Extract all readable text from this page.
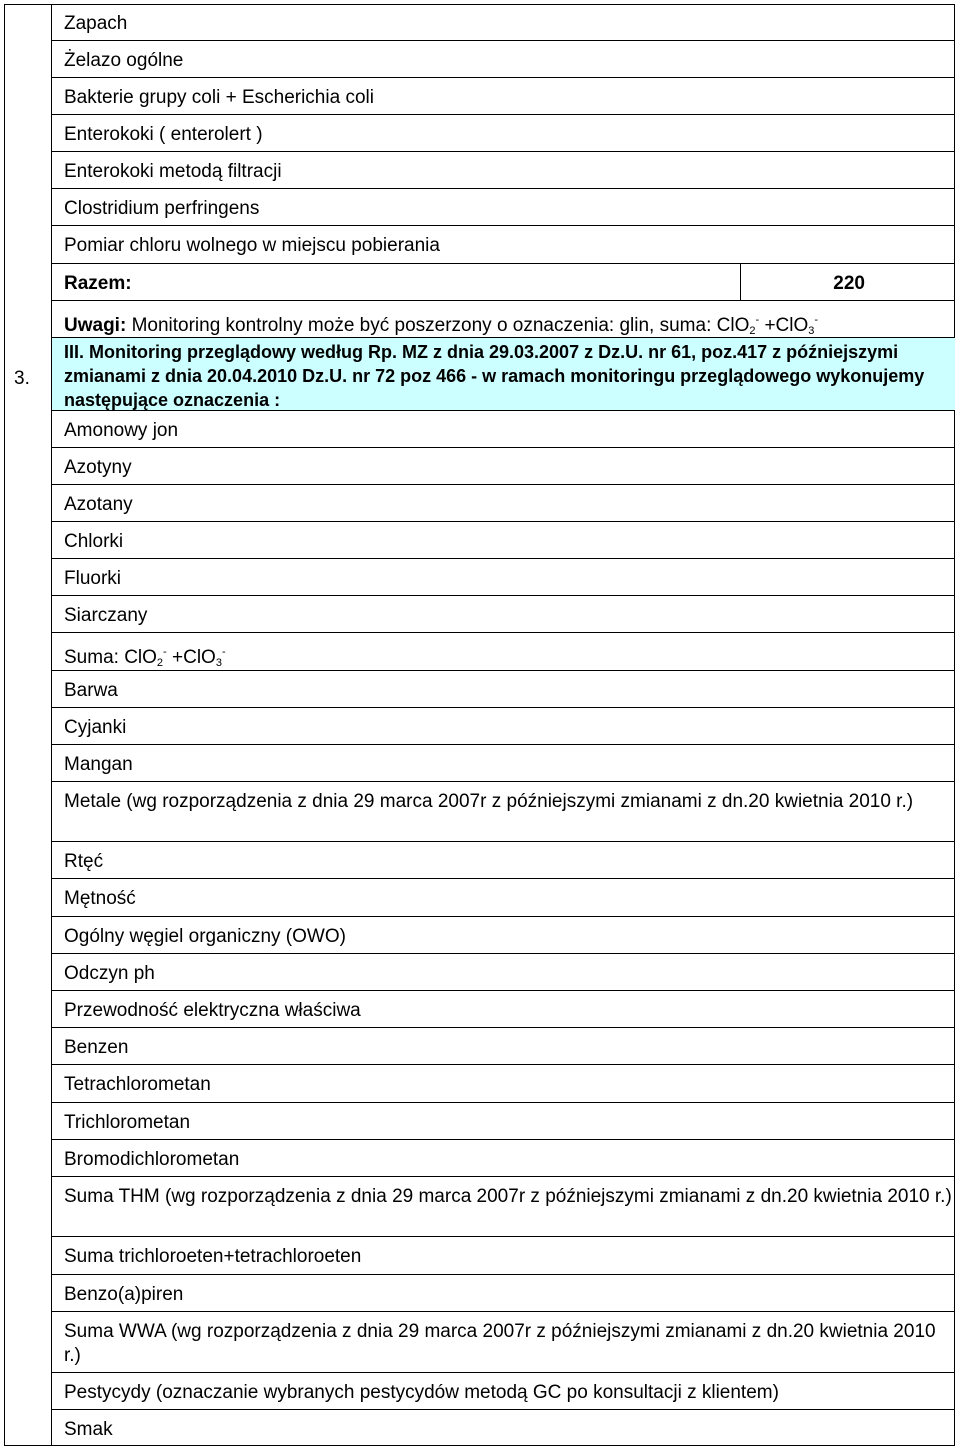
3.
Zapach
Żelazo ogólne
Bakterie grupy coli + Escherichia coli
Enterokoki ( enterolert )
Enterokoki metodą filtracji
Clostridium perfringens
Pomiar chloru wolnego w miejscu pobierania
Razem:	220
Uwagi: Monitoring kontrolny może być poszerzony o oznaczenia: glin, suma: ClO$_2$- +ClO$_3$-
III. Monitoring przeglądowy według Rp. MZ z dnia 29.03.2007 z Dz.U. nr 61, poz.417 z późniejszymi zmianami z dnia 20.04.2010 Dz.U. nr 72 poz 466 - w ramach monitoringu przeglądowego wykonujemy następujące oznaczenia :
Amonowy jon
Azotyny
Azotany
Chlorki
Fluorki
Siarczany
Suma: ClO$_2$- +ClO$_3$-
Barwa
Cyjanki
Mangan
Metale (wg rozporządzenia z dnia 29 marca 2007r z późniejszymi zmianami z dn.20 kwietnia 2010 r.)
Rtęć
Mętność
Ogólny węgiel organiczny (OWO)
Odczyn ph
Przewodność elektryczna właściwa
Benzen
Tetrachlorometan
Trichlorometan
Bromodichlorometan
Suma THM (wg rozporządzenia z dnia 29 marca 2007r z późniejszymi zmianami z dn.20 kwietnia 2010 r.)
Suma trichloroeten+tetrachloroeten
Benzo(a)piren
Suma WWA (wg rozporządzenia z dnia 29 marca 2007r z późniejszymi zmianami z dn.20 kwietnia 2010 r.)
Pestycydy (oznaczanie wybranych pestycydów metodą GC po konsultacji z klientem)
Smak
